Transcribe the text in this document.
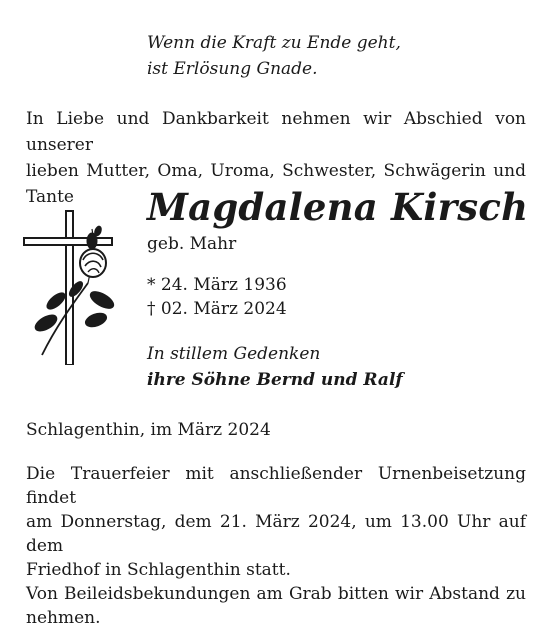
Wenn die Kraft zu Ende geht,
ist Erlösung Gnade.
In Liebe und Dankbarkeit nehmen wir Abschied von unserer
lieben Mutter, Oma, Uroma, Schwester, Schwägerin und
Tante	Magdalena Kirsch
geb. Mahr
* 24. März 1936
† 02. März 2024
In stillem Gedenken
ihre Söhne Bernd und Ralf
Schlagenthin, im März 2024
Die Trauerfeier mit anschließender Urnenbeisetzung findet
am Donnerstag, dem 21. März 2024, um 13.00 Uhr auf dem
Friedhof in Schlagenthin statt.
Von Beileidsbekundungen am Grab bitten wir Abstand zu
nehmen.
